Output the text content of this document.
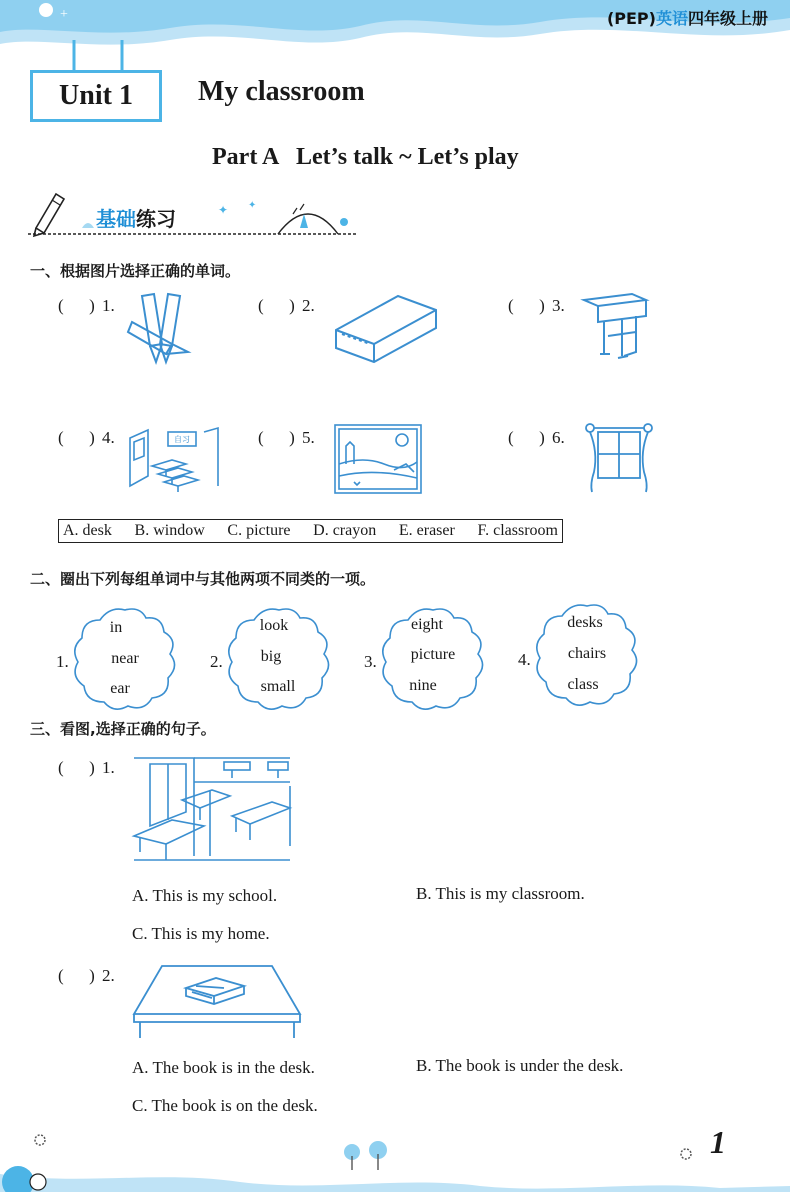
+	(PEP)英语四年级上册
Unit 1 My classroom
Part A   Let’s talk ~ Let’s play
✦ ✦
基础练习
一、根据图片选择正确的单词。
(      ) 1.	(      ) 2.	(      ) 3.
(      ) 4.	自习	(      ) 5.	(      ) 6.
A. desk B. window C. picture D. crayon E. eraser F. classroom
二、圈出下列每组单词中与其他两项不同类的一项。
1.
in
near
ear
2.
look
big
small
3.
eight
picture
nine
4.
desks
chairs
class
三、看图,选择正确的句子。
(      ) 1.
A. This is my school.	B. This is my classroom.
C. This is my home.
(      ) 2.
A. The book is in the desk.	B. The book is under the desk.
C. The book is on the desk.
1
